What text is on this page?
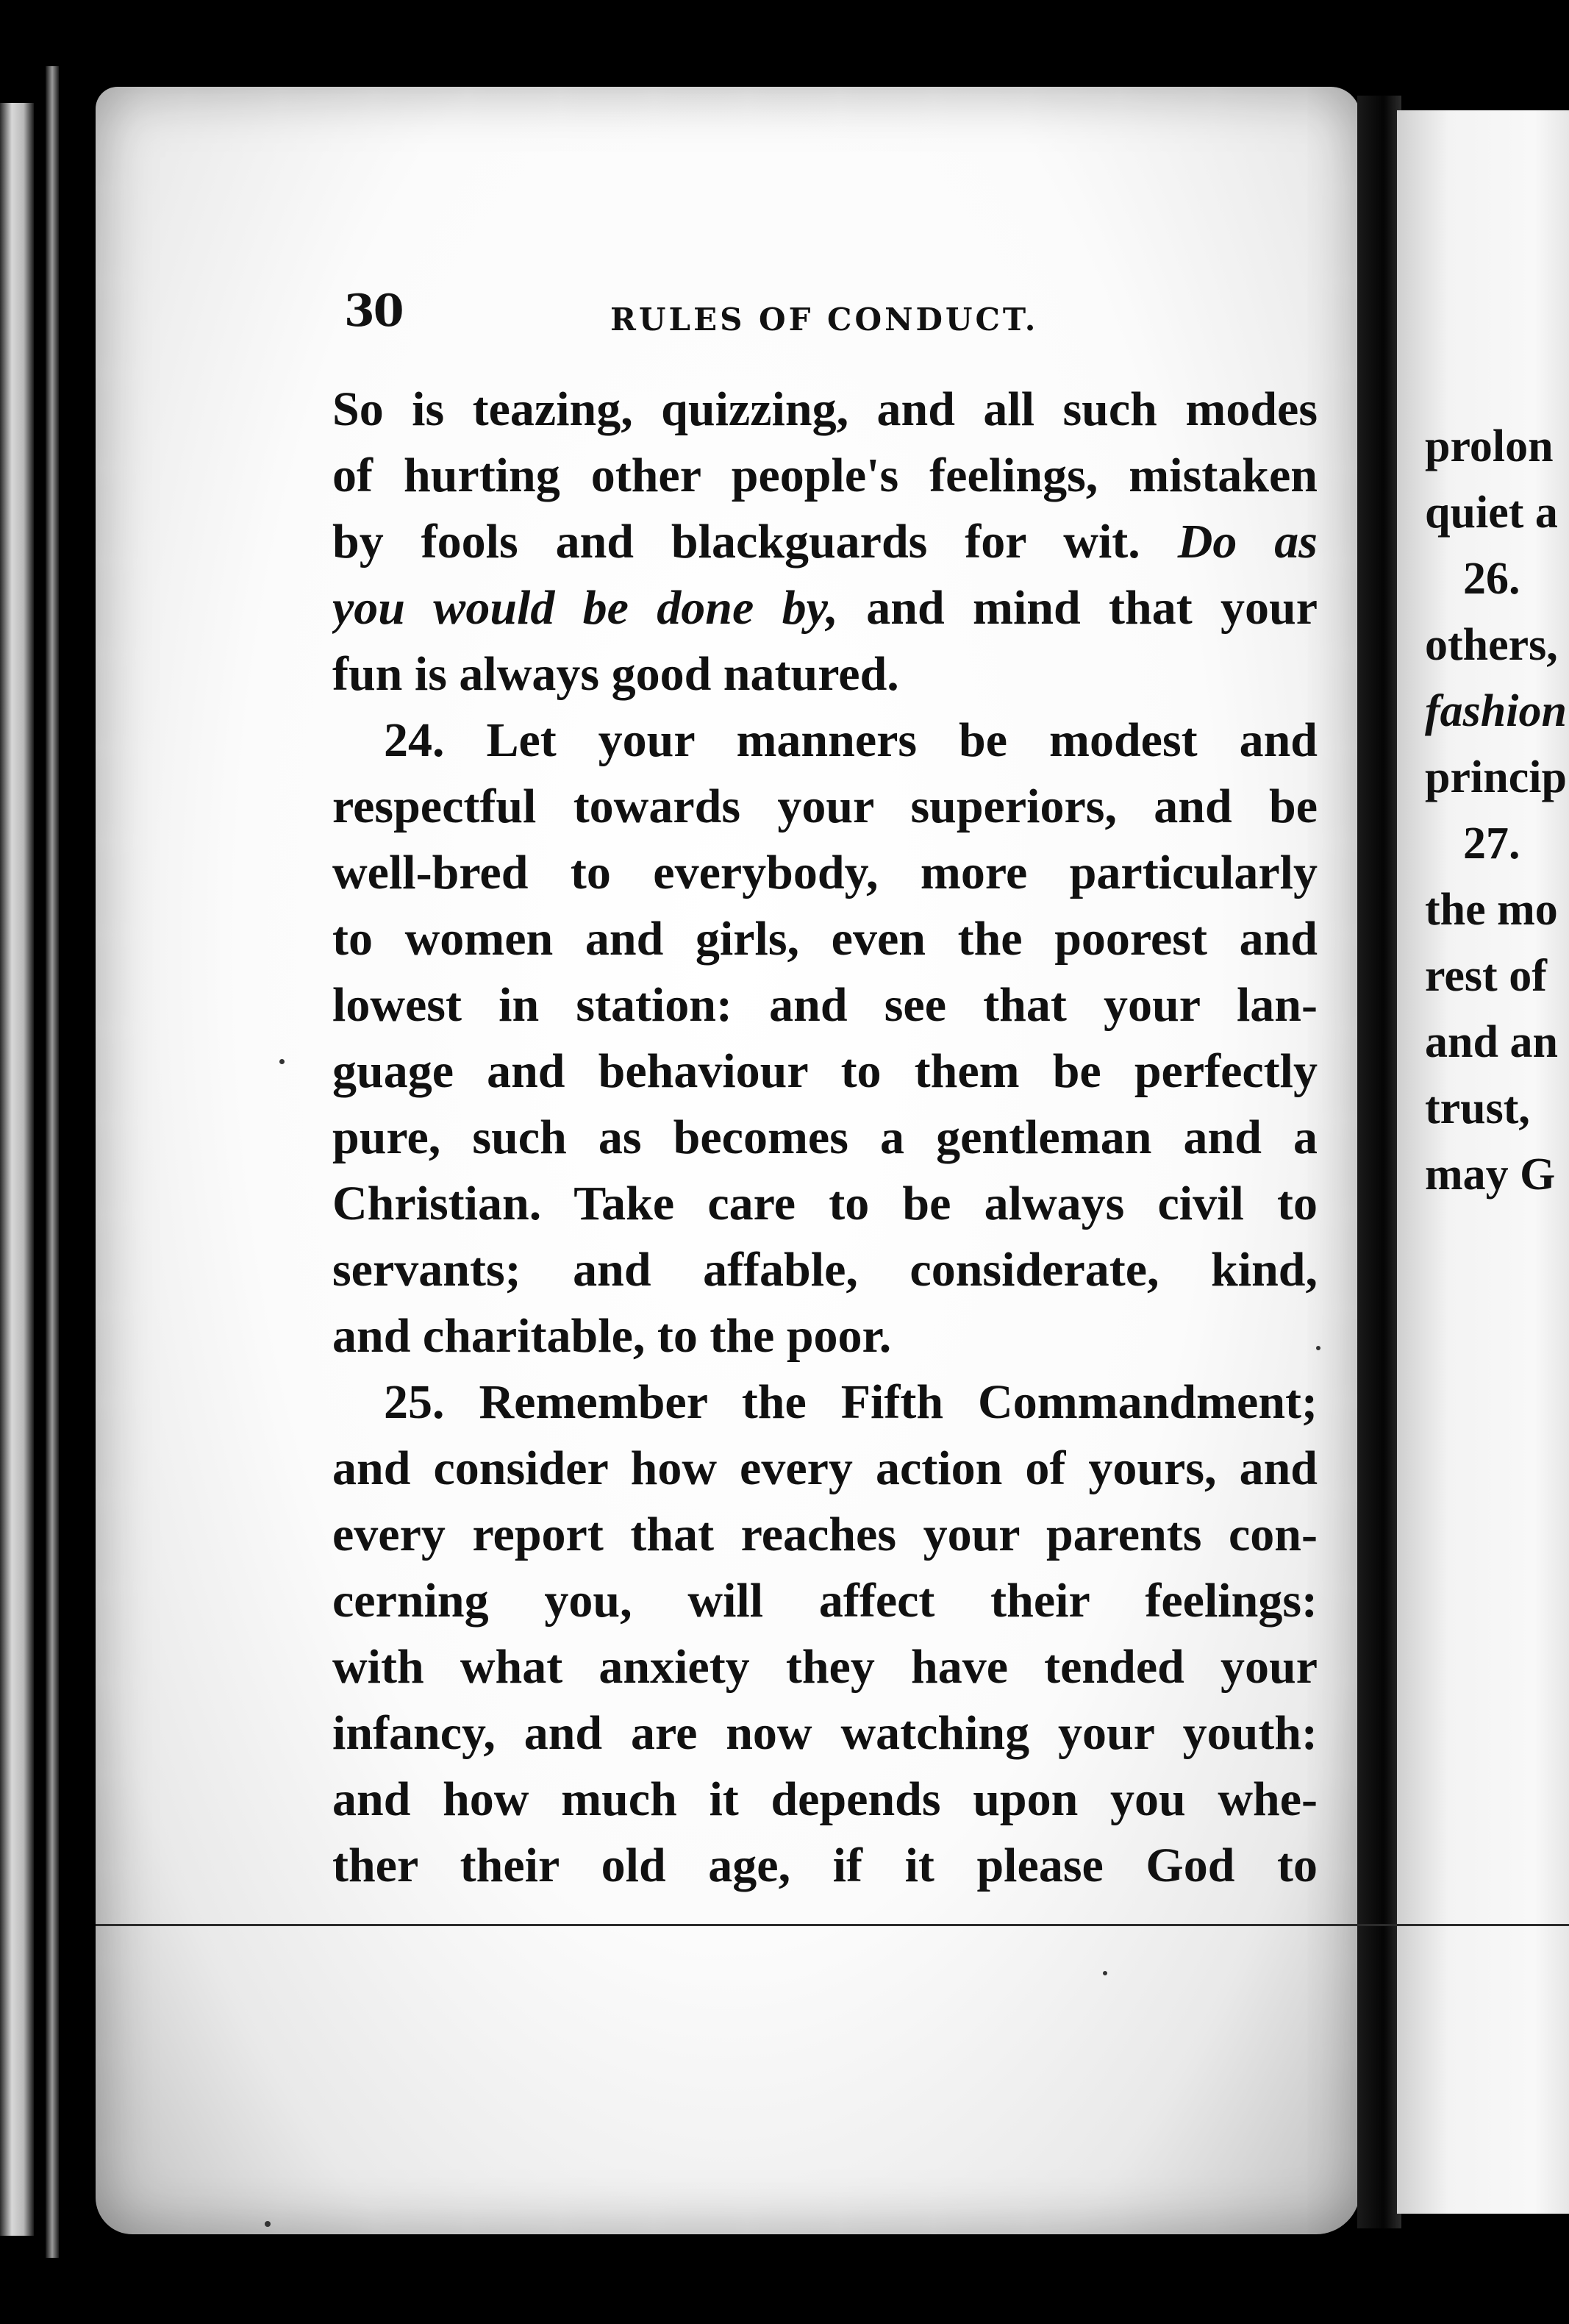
prolon
quiet a
26.
others,
fashion
princip
27.
the mo
rest of
and an
trust,
may G
30	RULES OF CONDUCT.
So is teazing, quizzing, and all such modes
of hurting other people's feelings, mistaken
by fools and blackguards for wit. Do as
you would be done by, and mind that your
fun is always good natured.
24. Let your manners be modest and
respectful towards your superiors, and be
well-bred to everybody, more particularly
to women and girls, even the poorest and
lowest in station: and see that your lan-
guage and behaviour to them be perfectly
pure, such as becomes a gentleman and a
Christian. Take care to be always civil to
servants; and affable, considerate, kind,
and charitable, to the poor.
25. Remember the Fifth Commandment;
and consider how every action of yours, and
every report that reaches your parents con-
cerning you, will affect their feelings:
with what anxiety they have tended your
infancy, and are now watching your youth:
and how much it depends upon you whe-
ther their old age, if it please God to
